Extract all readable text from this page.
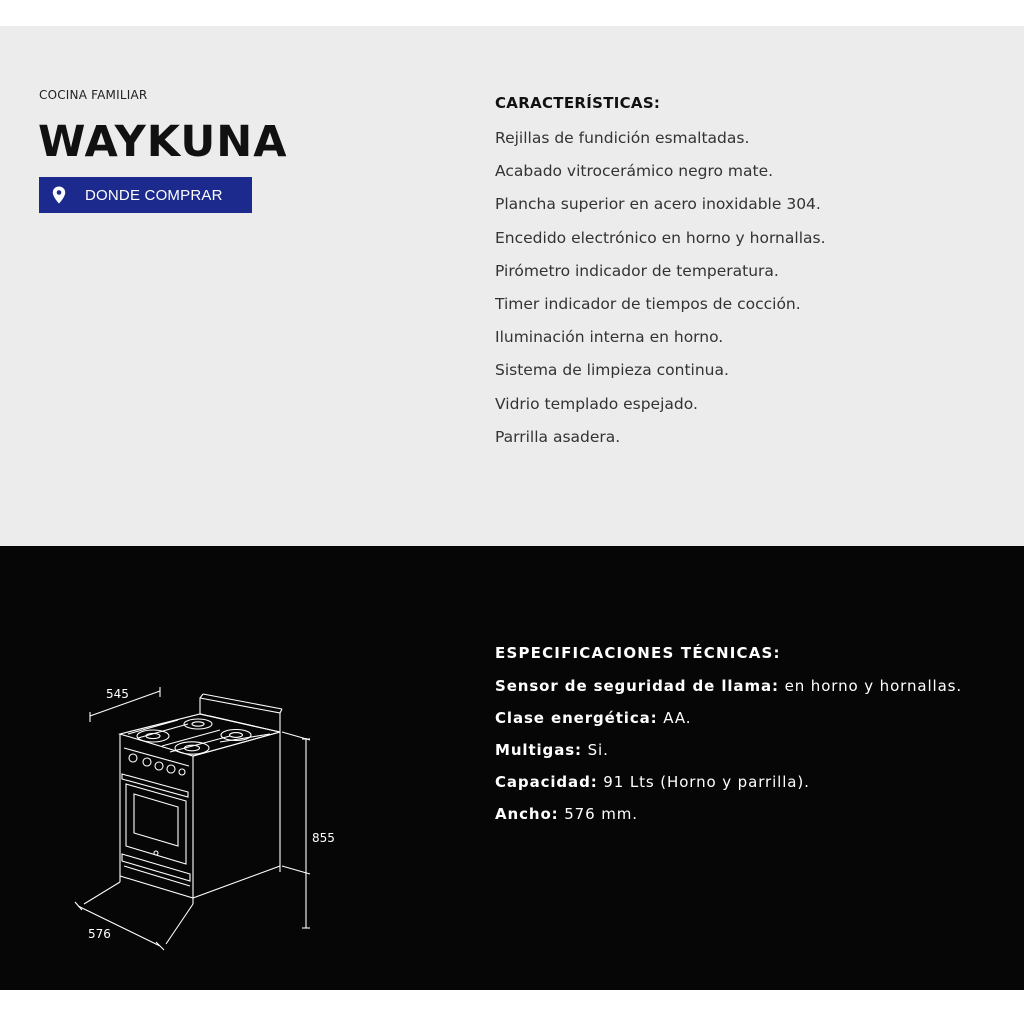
COCINA FAMILIAR
WAYKUNA
DONDE COMPRAR
CARACTERÍSTICAS:
Rejillas de fundición esmaltadas.
Acabado vitrocerámico negro mate.
Plancha superior en acero inoxidable 304.
Encedido electrónico en horno y hornallas.
Pirómetro indicador de temperatura.
Timer indicador de tiempos de cocción.
Iluminación interna en horno.
Sistema de limpieza continua.
Vidrio templado espejado.
Parrilla asadera.
545
855
576
ESPECIFICACIONES TÉCNICAS:
Sensor de seguridad de llama: en horno y hornallas.
Clase energética: AA.
Multigas: Si.
Capacidad: 91 Lts (Horno y parrilla).
Ancho: 576 mm.
